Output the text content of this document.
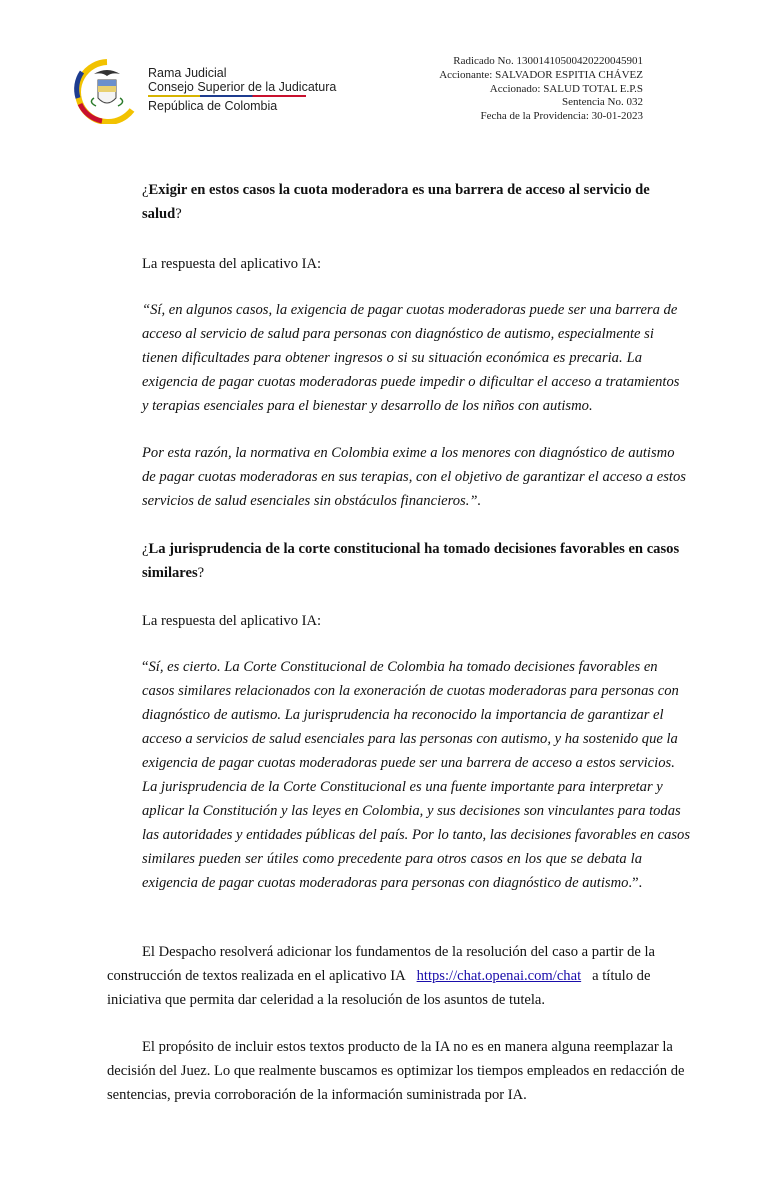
Rama Judicial
Consejo Superior de la Judicatura
República de Colombia
Radicado No. 13001410500420220045901
Accionante: SALVADOR ESPITIA CHÁVEZ
Accionado: SALUD TOTAL E.P.S
Sentencia No. 032
Fecha de la Providencia: 30-01-2023
¿Exigir en estos casos la cuota moderadora es una barrera de acceso al servicio de
salud?
La respuesta del aplicativo IA:
“Sí, en algunos casos, la exigencia de pagar cuotas moderadoras puede ser una barrera de
acceso al servicio de salud para personas con diagnóstico de autismo, especialmente si
tienen dificultades para obtener ingresos o si su situación económica es precaria. La
exigencia de pagar cuotas moderadoras puede impedir o dificultar el acceso a tratamientos
y terapias esenciales para el bienestar y desarrollo de los niños con autismo.
Por esta razón, la normativa en Colombia exime a los menores con diagnóstico de autismo
de pagar cuotas moderadoras en sus terapias, con el objetivo de garantizar el acceso a estos
servicios de salud esenciales sin obstáculos financieros.”.
¿La jurisprudencia de la corte constitucional ha tomado decisiones favorables en casos
similares?
La respuesta del aplicativo IA:
“Sí, es cierto. La Corte Constitucional de Colombia ha tomado decisiones favorables en
casos similares relacionados con la exoneración de cuotas moderadoras para personas con
diagnóstico de autismo. La jurisprudencia ha reconocido la importancia de garantizar el
acceso a servicios de salud esenciales para las personas con autismo, y ha sostenido que la
exigencia de pagar cuotas moderadoras puede ser una barrera de acceso a estos servicios.
La jurisprudencia de la Corte Constitucional es una fuente importante para interpretar y
aplicar la Constitución y las leyes en Colombia, y sus decisiones son vinculantes para todas
las autoridades y entidades públicas del país. Por lo tanto, las decisiones favorables en casos
similares pueden ser útiles como precedente para otros casos en los que se debata la
exigencia de pagar cuotas moderadoras para personas con diagnóstico de autismo.”.
El Despacho resolverá adicionar los fundamentos de la resolución del caso a partir de la
construcción de textos realizada en el aplicativo IA https://chat.openai.com/chat a título de
iniciativa que permita dar celeridad a la resolución de los asuntos de tutela.
El propósito de incluir estos textos producto de la IA no es en manera alguna reemplazar la
decisión del Juez. Lo que realmente buscamos es optimizar los tiempos empleados en redacción de
sentencias, previa corroboración de la información suministrada por IA.
